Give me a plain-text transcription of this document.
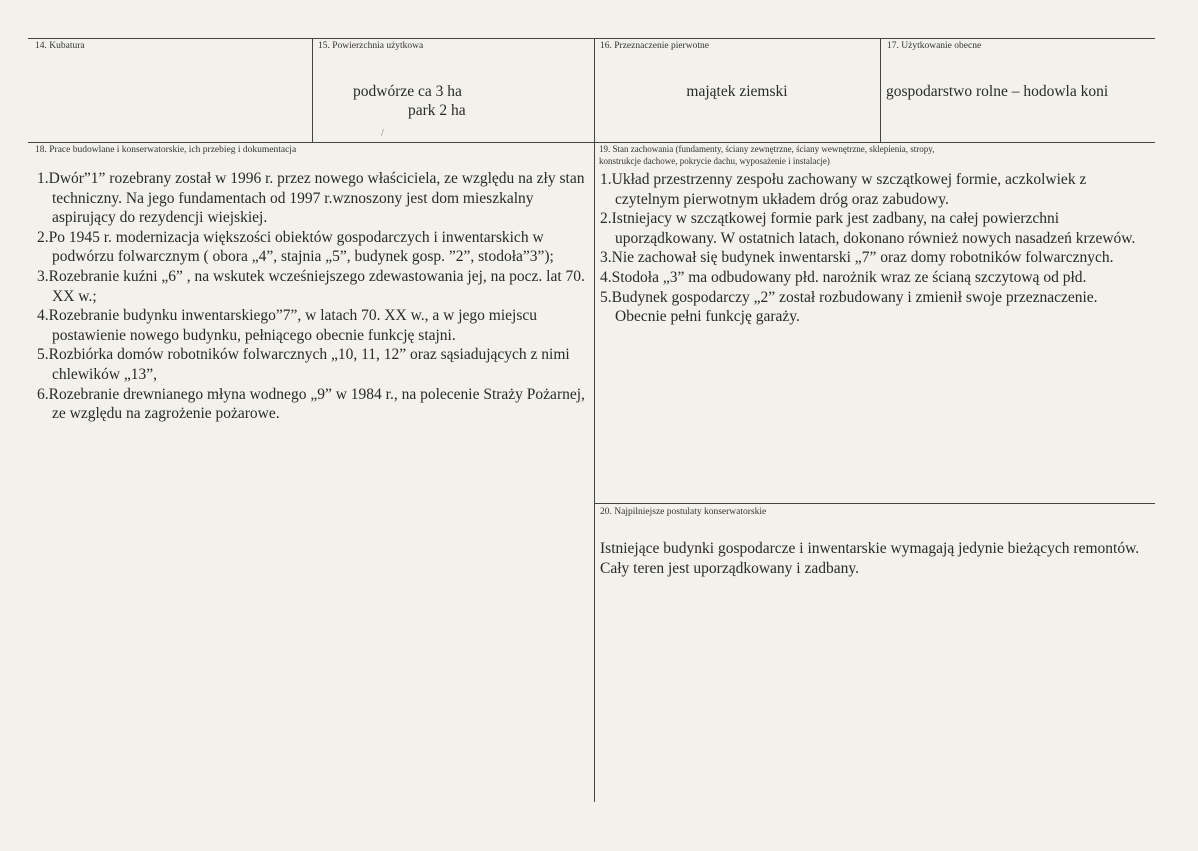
/
14. Kubatura	15. Powierzchnia użytkowa
podwórze ca 3 ha
park 2 ha
16. Przeznaczenie pierwotne
majątek ziemski
17. Użytkowanie obecne
gospodarstwo rolne – hodowla koni
18. Prace budowlane i konserwatorskie, ich przebieg i dokumentacja
1.Dwór”1” rozebrany został w 1996 r. przez nowego właściciela, ze względu na zły stan techniczny. Na jego fundamentach od 1997 r.wznoszony jest dom mieszkalny aspirujący do rezydencji wiejskiej.
2.Po 1945 r. modernizacja większości obiektów gospodarczych i inwentarskich w podwórzu folwarcznym ( obora „4”, stajnia „5”, budynek gosp. ”2”, stodoła”3”);
3.Rozebranie kuźni „6” , na wskutek wcześniejszego zdewastowania jej, na pocz. lat 70. XX w.;
4.Rozebranie budynku inwentarskiego”7”, w latach 70. XX w., a w jego miejscu postawienie nowego budynku, pełniącego obecnie funkcję stajni.
5.Rozbiórka domów robotników folwarcznych „10, 11, 12” oraz sąsiadujących z nimi chlewików „13”,
6.Rozebranie drewnianego młyna wodnego „9” w 1984 r., na polecenie Straży Pożarnej, ze względu na zagrożenie pożarowe.
19. Stan zachowania (fundamenty, ściany zewnętrzne, ściany wewnętrzne, sklepienia, stropy,
konstrukcje dachowe, pokrycie dachu, wyposażenie i instalacje)
1.Układ przestrzenny zespołu zachowany w szczątkowej formie, aczkolwiek z czytelnym pierwotnym układem dróg oraz zabudowy.
2.Istniejacy w szczątkowej formie park jest zadbany, na całej powierzchni uporządkowany. W ostatnich latach, dokonano również nowych nasadzeń krzewów.
3.Nie zachował się budynek inwentarski „7” oraz domy robotników folwarcznych.
4.Stodoła „3” ma odbudowany płd. narożnik wraz ze ścianą szczytową od płd.
5.Budynek gospodarczy „2” został rozbudowany i zmienił swoje przeznaczenie. Obecnie pełni funkcję garaży.
20. Najpilniejsze postulaty konserwatorskie
Istniejące budynki gospodarcze i inwentarskie wymagają jedynie bieżących remontów. Cały teren jest uporządkowany i zadbany.
